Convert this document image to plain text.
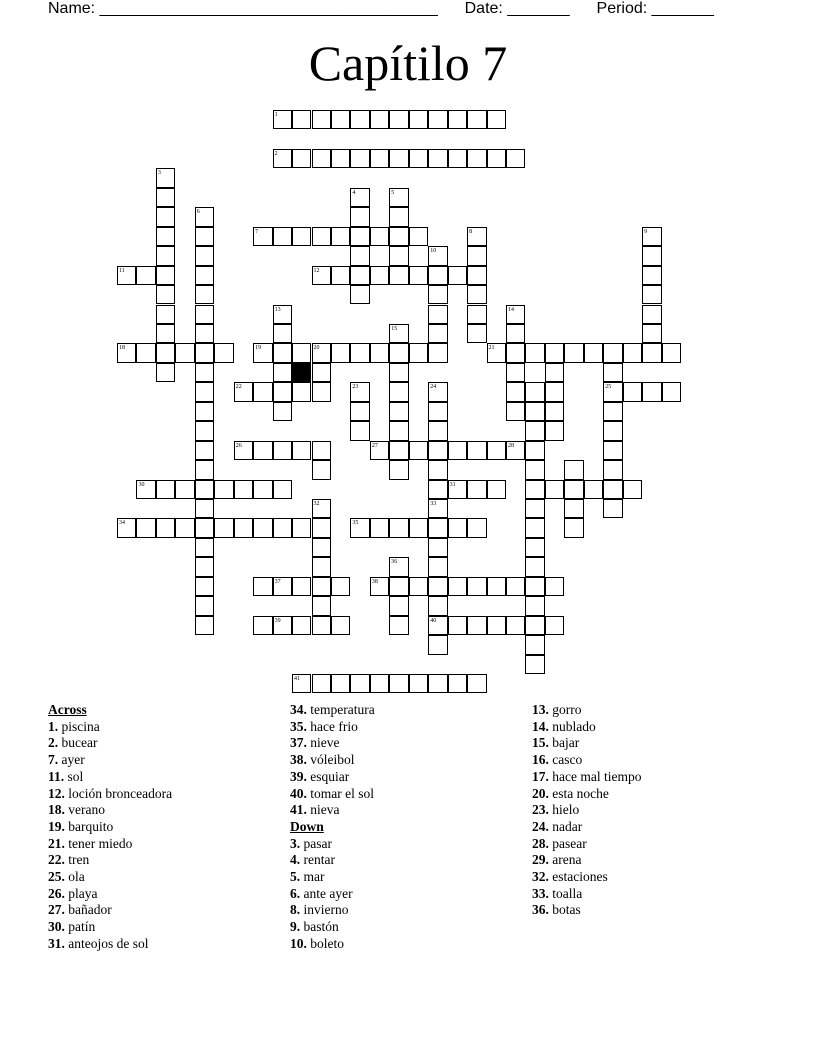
Name: ______________________________________ Date: _______ Period: _______
Capítilo 7
1
2
3
4	5
6
7	8	9
10
11	12
13	14
15
25
18	19	20	21
22	23	24
33
40
26	27	28
30	31
32
34	35
36
37	38
39
41
Across
1. piscina
2. bucear
7. ayer
11. sol
12. loción bronceadora
18. verano
19. barquito
21. tener miedo
22. tren
25. ola
26. playa
27. bañador
30. patín
31. anteojos de sol
34. temperatura
35. hace frio
37. nieve
38. vóleibol
39. esquiar
40. tomar el sol
41. nieva
Down
3. pasar
4. rentar
5. mar
6. ante ayer
8. invierno
9. bastón
10. boleto
13. gorro
14. nublado
15. bajar
16. casco
17. hace mal tiempo
20. esta noche
23. hielo
24. nadar
28. pasear
29. arena
32. estaciones
33. toalla
36. botas
